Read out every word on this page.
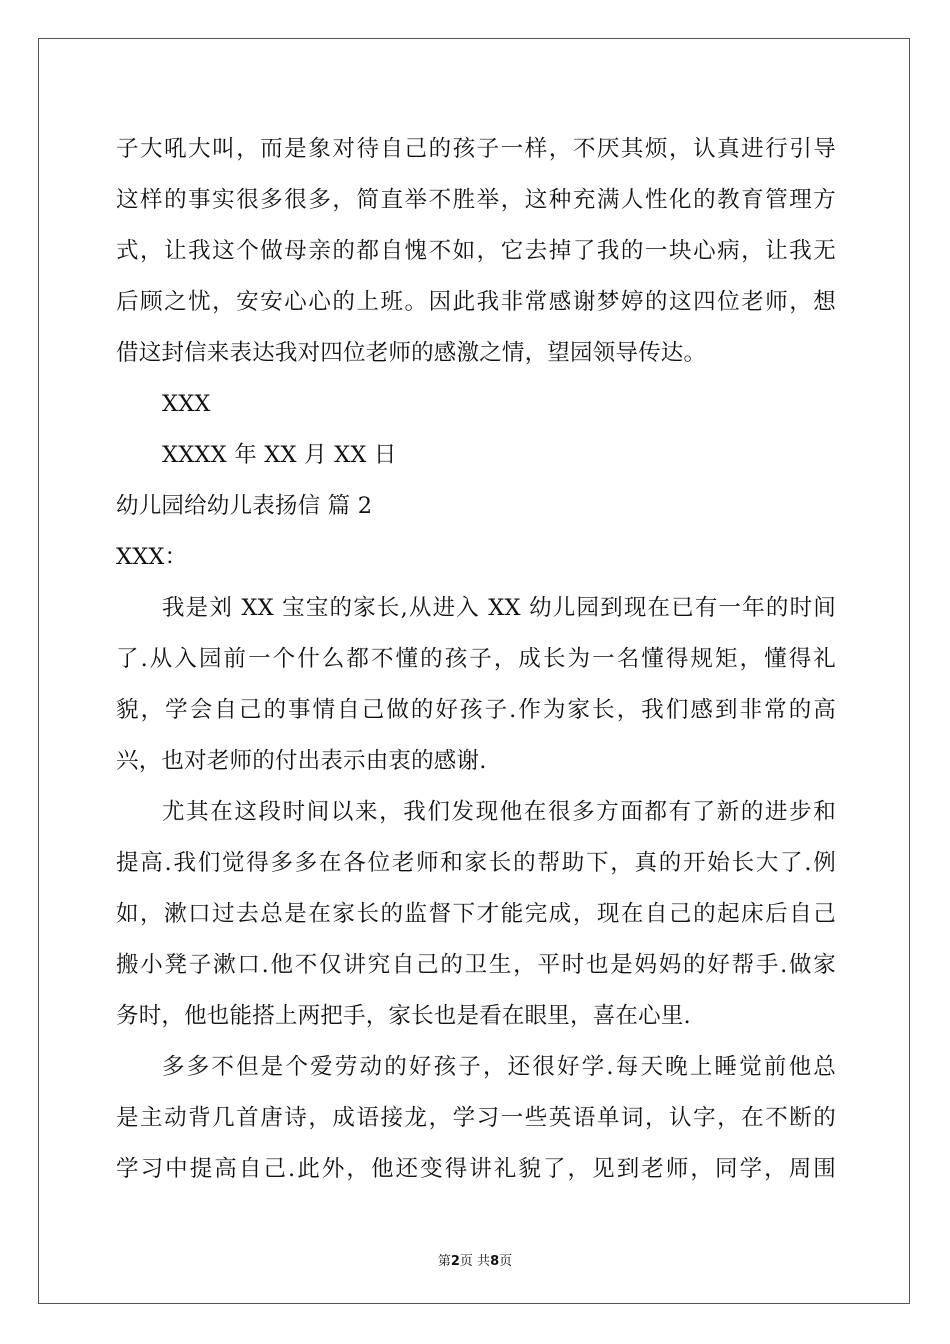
子大吼大叫，而是象对待自己的孩子一样，不厌其烦，认真进行引导
这样的事实很多很多，简直举不胜举，这种充满人性化的教育管理方
式，让我这个做母亲的都自愧不如，它去掉了我的一块心病，让我无
后顾之忧，安安心心的上班。因此我非常感谢梦婷的这四位老师，想
借这封信来表达我对四位老师的感激之情，望园领导传达。
XXX
XXXX 年 XX 月 XX 日
幼儿园给幼儿表扬信 篇 2
XXX：
我是刘 XX 宝宝的家长,从进入 XX 幼儿园到现在已有一年的时间
了.从入园前一个什么都不懂的孩子，成长为一名懂得规矩，懂得礼
貌，学会自己的事情自己做的好孩子.作为家长，我们感到非常的高
兴，也对老师的付出表示由衷的感谢.
尤其在这段时间以来，我们发现他在很多方面都有了新的进步和
提高.我们觉得多多在各位老师和家长的帮助下，真的开始长大了.例
如，漱口过去总是在家长的监督下才能完成，现在自己的起床后自己
搬小凳子漱口.他不仅讲究自己的卫生，平时也是妈妈的好帮手.做家
务时，他也能搭上两把手，家长也是看在眼里，喜在心里.
多多不但是个爱劳动的好孩子，还很好学.每天晚上睡觉前他总
是主动背几首唐诗，成语接龙，学习一些英语单词，认字，在不断的
学习中提高自己.此外，他还变得讲礼貌了，见到老师，同学，周围
第2页 共8页
